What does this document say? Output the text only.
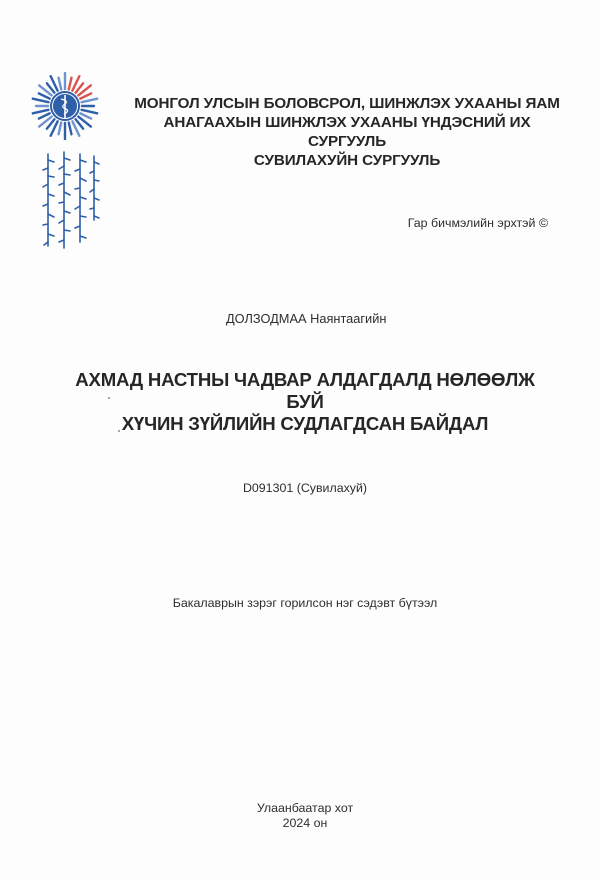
МОНГОЛ УЛСЫН БОЛОВСРОЛ, ШИНЖЛЭХ УХААНЫ ЯАМ
АНАГААХЫН ШИНЖЛЭХ УХААНЫ ҮНДЭСНИЙ ИХ СУРГУУЛЬ
СУВИЛАХУЙН СУРГУУЛЬ
Гар бичмэлийн эрхтэй ©
ДОЛЗОДМАА Наянтаагийн
АХМАД НАСТНЫ ЧАДВАР АЛДАГДАЛД НӨЛӨӨЛЖ БУЙ
ХҮЧИН ЗҮЙЛИЙН СУДЛАГДСАН БАЙДАЛ
D091301 (Сувилахуй)
Бакалаврын зэрэг горилсон нэг сэдэвт бүтээл
Улаанбаатар хот
2024 он
